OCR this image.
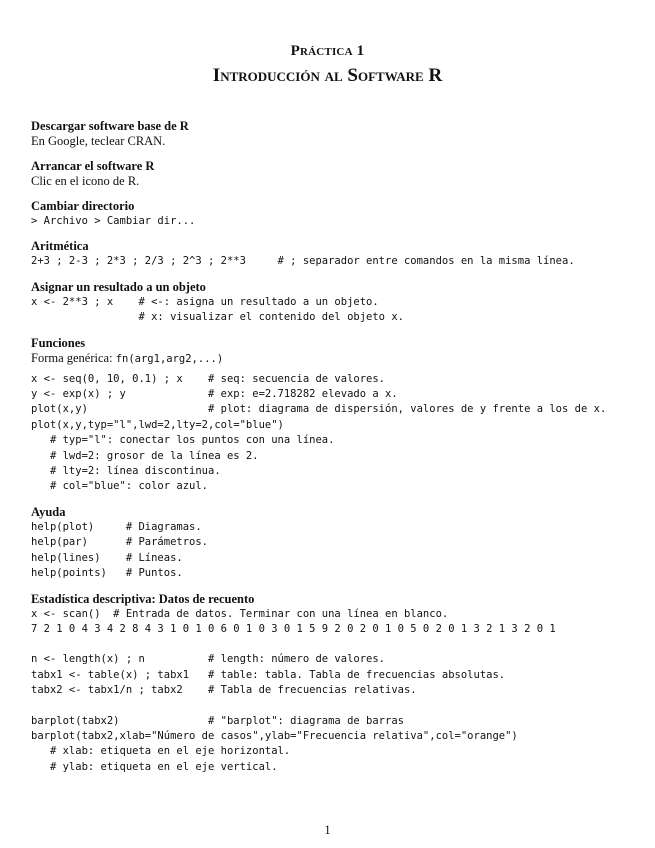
Práctica 1
Introducción al Software R

Descargar software base de R

En Google, teclear CRAN.

Arrancar el software R

Clic en el icono de R.

Cambiar directorio

> Archivo > Cambiar dir...

Aritmética

2+3 ; 2-3 ; 2*3 ; 2/3 ; 2^3 ; 2**3     # ; separador entre comandos en la misma línea.

Asignar un resultado a un objeto

x <- 2**3 ; x    # <-: asigna un resultado a un objeto.
# x: visualizar el contenido del objeto x.

Funciones

Forma genérica: fn(arg1,arg2,...)

x <- seq(0, 10, 0.1) ; x    # seq: secuencia de valores.
y <- exp(x) ; y             # exp: e=2.718282 elevado a x.
plot(x,y)                   # plot: diagrama de dispersión, valores de y frente a los de x.
plot(x,y,typ="l",lwd=2,lty=2,col="blue")
# typ="l": conectar los puntos con una línea.
# lwd=2: grosor de la línea es 2.
# lty=2: línea discontinua.
# col="blue": color azul.

Ayuda

help(plot)     # Diagramas.
help(par)      # Parámetros.
help(lines)    # Líneas.
help(points)   # Puntos.

Estadística descriptiva: Datos de recuento

x <- scan()  # Entrada de datos. Terminar con una línea en blanco.
7 2 1 0 4 3 4 2 8 4 3 1 0 1 0 6 0 1 0 3 0 1 5 9 2 0 2 0 1 0 5 0 2 0 1 3 2 1 3 2 0 1
n <- length(x) ; n          # length: número de valores.
tabx1 <- table(x) ; tabx1   # table: tabla. Tabla de frecuencias absolutas.
tabx2 <- tabx1/n ; tabx2    # Tabla de frecuencias relativas.
barplot(tabx2)              # "barplot": diagrama de barras
barplot(tabx2,xlab="Número de casos",ylab="Frecuencia relativa",col="orange")
# xlab: etiqueta en el eje horizontal.
# ylab: etiqueta en el eje vertical.
1
